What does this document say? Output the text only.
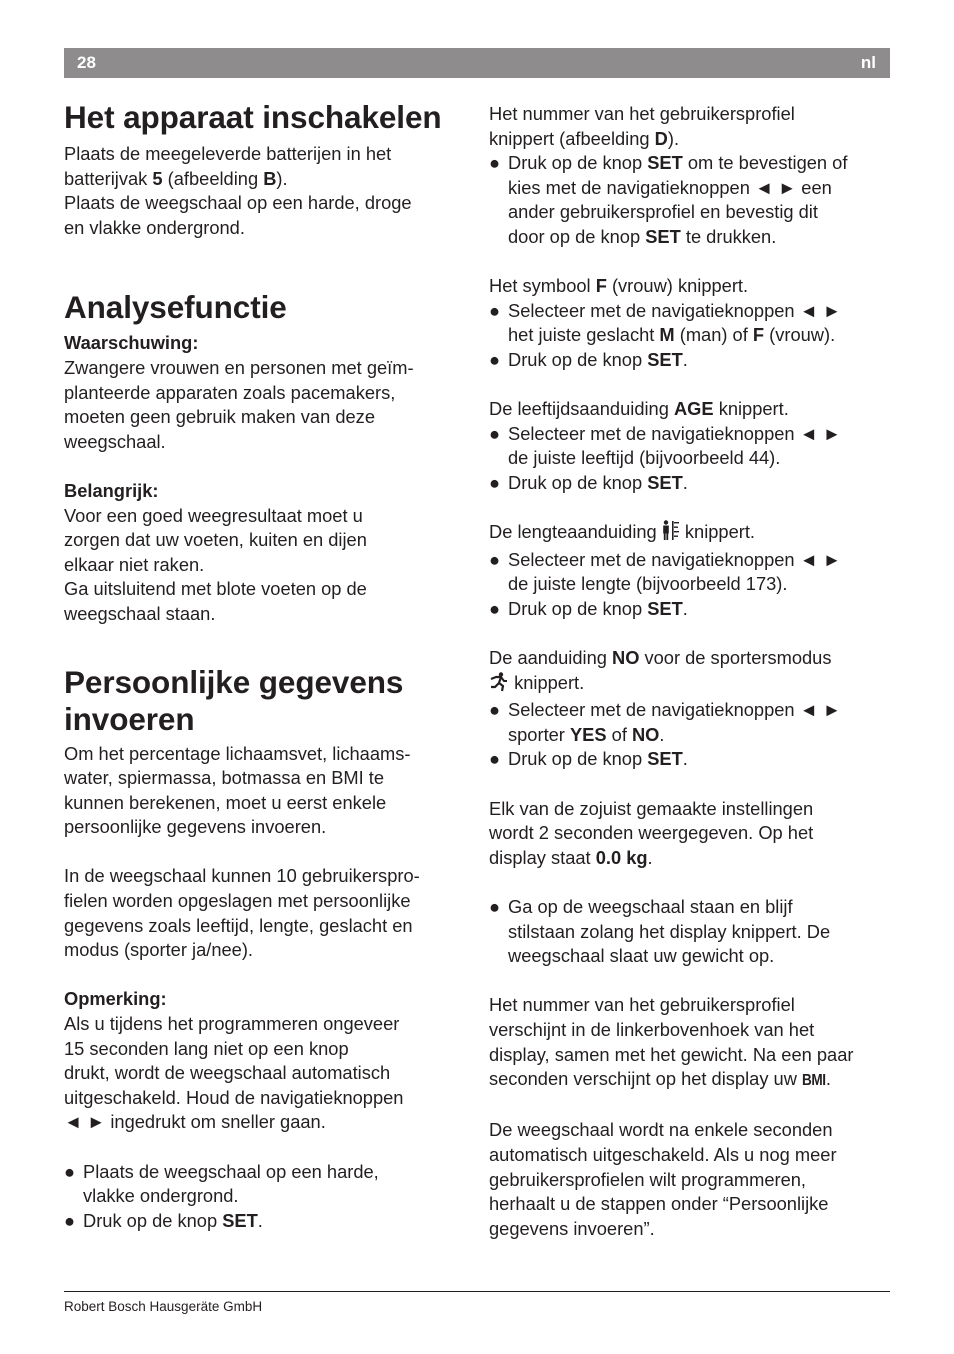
28	nl
Het apparaat inschakelen

Plaats de meegeleverde batterijen in het
batterijvak 5 (afbeelding B).

Plaats de weegschaal op een harde, droge
en vlakke ondergrond.

Analysefunctie

Waarschuwing:

Zwangere vrouwen en personen met geïm-
planteerde apparaten zoals pacemakers,
moeten geen gebruik maken van deze
weegschaal.

Belangrijk:

Voor een goed weegresultaat moet u
zorgen dat uw voeten, kuiten en dijen
elkaar niet raken.
Ga uitsluitend met blote voeten op de
weegschaal staan.

Persoonlijke gegevens
invoeren

Om het percentage lichaamsvet, lichaams-
water, spiermassa, botmassa en BMI te
kunnen berekenen, moet u eerst enkele
persoonlijke gegevens invoeren.

In de weegschaal kunnen 10 gebruikerspro-
fielen worden opgeslagen met persoonlijke
gegevens zoals leeftijd, lengte, geslacht en
modus (sporter ja/nee).

Opmerking:

Als u tijdens het programmeren ongeveer
15 seconden lang niet op een knop
drukt, wordt de weegschaal automatisch
uitgeschakeld. Houd de navigatieknoppen
◄ ► ingedrukt om sneller gaan.

● Plaats de weegschaal op een harde,
vlakke ondergrond.
● Druk op de knop SET.

Het nummer van het gebruikersprofiel
knippert (afbeelding D).

● Druk op de knop SET om te bevestigen of
kies met de navigatieknoppen ◄ ► een
ander gebruikersprofiel en bevestig dit
door op de knop SET te drukken.

Het symbool F (vrouw) knippert.

● Selecteer met de navigatieknoppen ◄ ►
het juiste geslacht M (man) of F (vrouw).
● Druk op de knop SET.

De leeftijdsaanduiding AGE knippert.

● Selecteer met de navigatieknoppen ◄ ►
de juiste leeftijd (bijvoorbeeld 44).
● Druk op de knop SET.

De lengteaanduiding  knippert.

● Selecteer met de navigatieknoppen ◄ ►
de juiste lengte (bijvoorbeeld 173).
● Druk op de knop SET.

De aanduiding NO voor de sportersmodus

knippert.

● Selecteer met de navigatieknoppen ◄ ►
sporter YES of NO.
● Druk op de knop SET.

Elk van de zojuist gemaakte instellingen
wordt 2 seconden weergegeven. Op het
display staat 0.0 kg.

● Ga op de weegschaal staan en blijf
stilstaan zolang het display knippert. De
weegschaal slaat uw gewicht op.

Het nummer van het gebruikersprofiel
verschijnt in de linkerbovenhoek van het
display, samen met het gewicht. Na een paar
seconden verschijnt op het display uw BMI.

De weegschaal wordt na enkele seconden
automatisch uitgeschakeld. Als u nog meer
gebruikersprofielen wilt programmeren,
herhaalt u de stappen onder “Persoonlijke
gegevens invoeren”.

Robert Bosch Hausgeräte GmbH
